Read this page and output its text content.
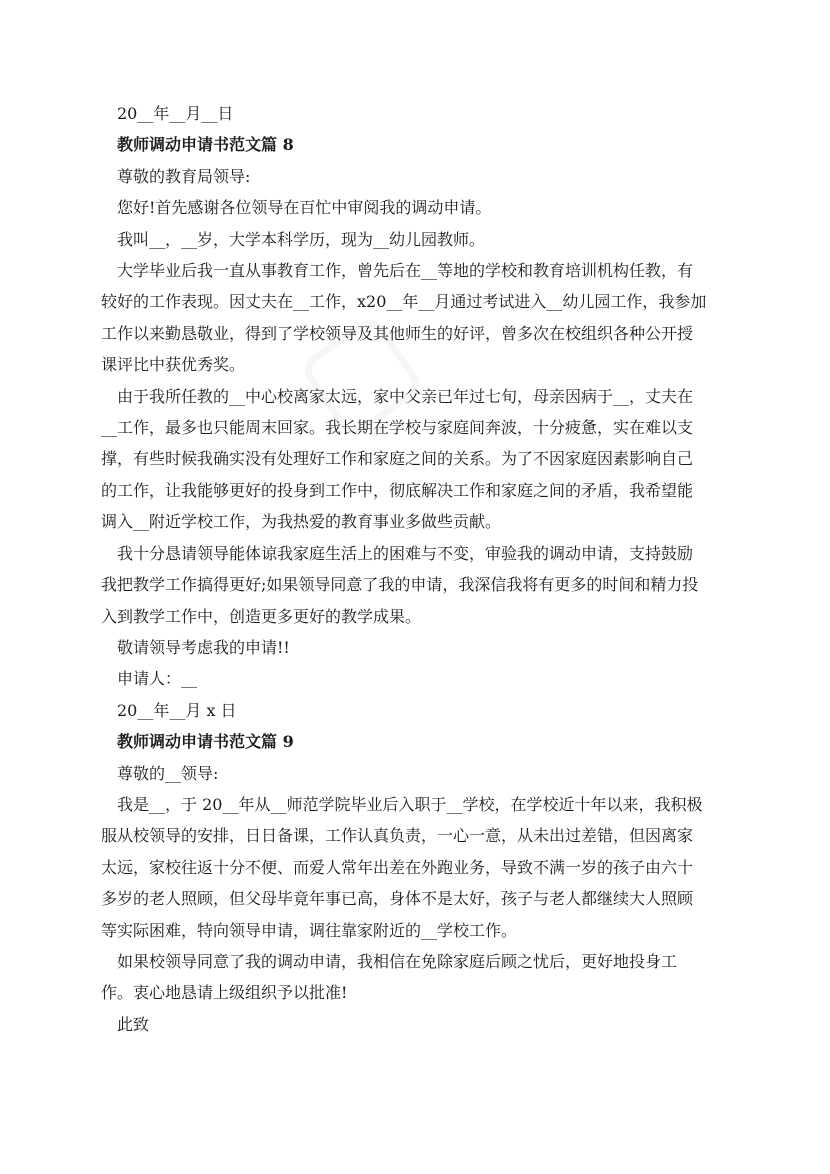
20__年__月__日

教师调动申请书范文篇 8

尊敬的教育局领导:

您好!首先感谢各位领导在百忙中审阅我的调动申请。

我叫__，__岁，大学本科学历，现为__幼儿园教师。

大学毕业后我一直从事教育工作，曾先后在__等地的学校和教育培训机构任教，有

较好的工作表现。因丈夫在__工作，x20__年__月通过考试进入__幼儿园工作，我参加

工作以来勤恳敬业，得到了学校领导及其他师生的好评，曾多次在校组织各种公开授

课评比中获优秀奖。

由于我所任教的__中心校离家太远，家中父亲已年过七旬，母亲因病于__，丈夫在

__工作，最多也只能周末回家。我长期在学校与家庭间奔波，十分疲惫，实在难以支

撑，有些时候我确实没有处理好工作和家庭之间的关系。为了不因家庭因素影响自己

的工作，让我能够更好的投身到工作中，彻底解决工作和家庭之间的矛盾，我希望能

调入__附近学校工作，为我热爱的教育事业多做些贡献。

我十分恳请领导能体谅我家庭生活上的困难与不变，审验我的调动申请，支持鼓励

我把教学工作搞得更好;如果领导同意了我的申请，我深信我将有更多的时间和精力投

入到教学工作中，创造更多更好的教学成果。

敬请领导考虑我的申请!!

申请人：__

20__年__月 x 日

教师调动申请书范文篇 9

尊敬的__领导:

我是__，于 20__年从__师范学院毕业后入职于__学校，在学校近十年以来，我积极

服从校领导的安排，日日备课，工作认真负责，一心一意，从未出过差错，但因离家

太远，家校往返十分不便、而爱人常年出差在外跑业务，导致不满一岁的孩子由六十

多岁的老人照顾，但父母毕竟年事已高，身体不是太好，孩子与老人都继续大人照顾

等实际困难，特向领导申请，调往靠家附近的__学校工作。

如果校领导同意了我的调动申请，我相信在免除家庭后顾之忧后，更好地投身工

作。衷心地恳请上级组织予以批准!

此致
